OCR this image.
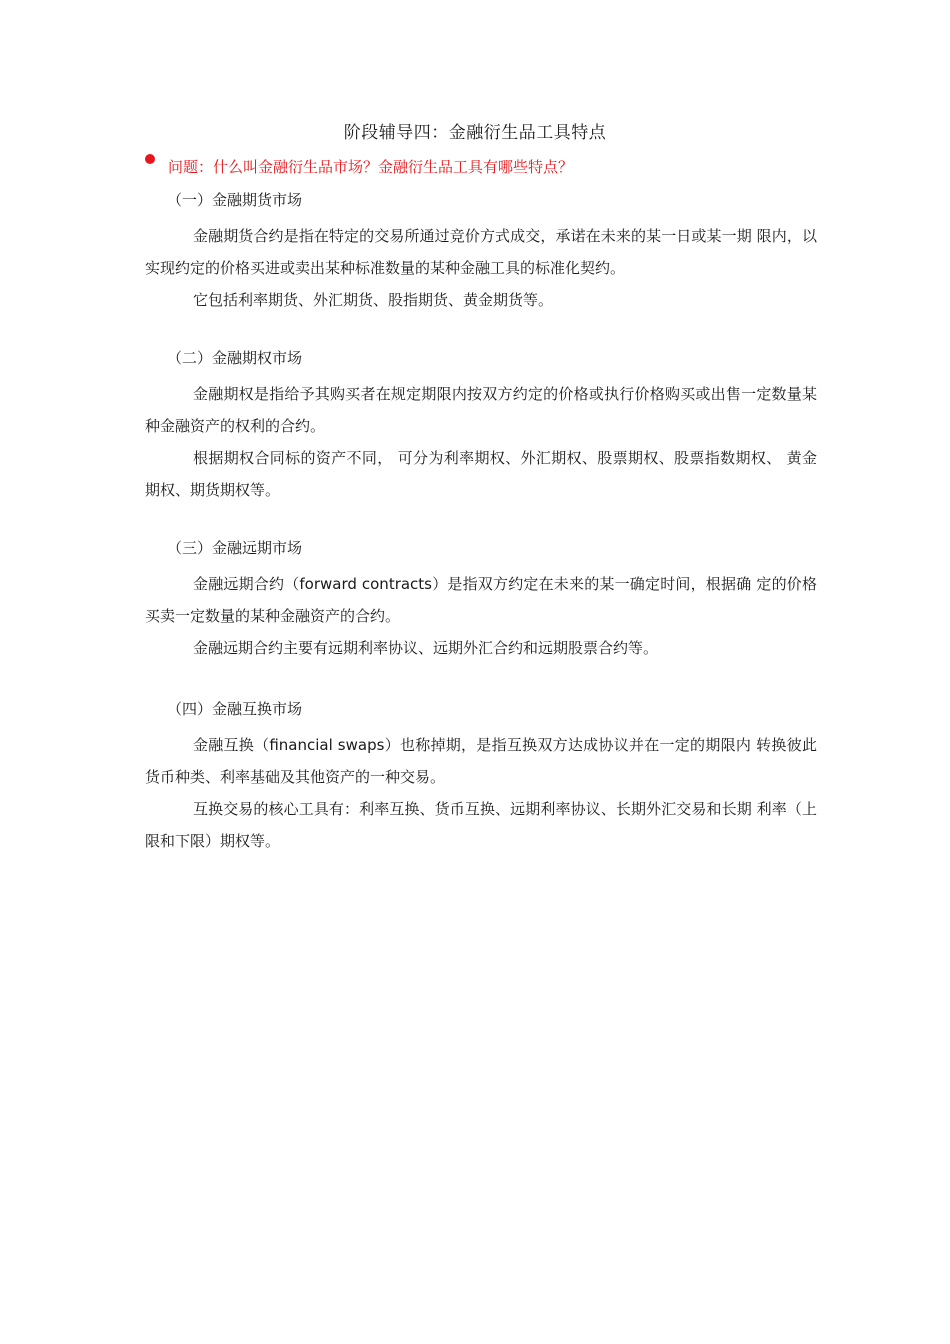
阶段辅导四：金融衍生品工具特点
问题：什么叫金融衍生品市场？金融衍生品工具有哪些特点？
（一）金融期货市场

金融期货合约是指在特定的交易所通过竞价方式成交，承诺在未来的某一日或某一期 限内，以实现约定的价格买进或卖出某种标准数量的某种金融工具的标准化契约。

它包括利率期货、外汇期货、股指期货、黄金期货等。

（二）金融期权市场

金融期权是指给予其购买者在规定期限内按双方约定的价格或执行价格购买或出售一定数量某种金融资产的权利的合约。

根据期权合同标的资产不同， 可分为利率期权、外汇期权、股票期权、股票指数期权、 黄金期权、期货期权等。

（三）金融远期市场

金融远期合约（forward contracts）是指双方约定在未来的某一确定时间，根据确 定的价格买卖一定数量的某种金融资产的合约。

金融远期合约主要有远期利率协议、远期外汇合约和远期股票合约等。

（四）金融互换市场

金融互换（financial swaps）也称掉期，是指互换双方达成协议并在一定的期限内 转换彼此货币种类、利率基础及其他资产的一种交易。

互换交易的核心工具有：利率互换、货币互换、远期利率协议、长期外汇交易和长期 利率（上限和下限）期权等。
